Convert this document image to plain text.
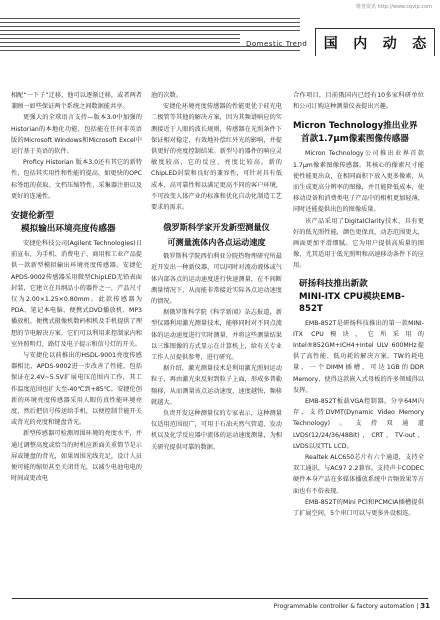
维普资讯 http://www.cqvip.com
Domestic Trend 国 内 动 态

相配“一下子”迁移，他可以逐渐迁移，或者两者兼顾一如些保证两个系统之间数据能共享。

更强大的全球语言支持—版本3.0中加强的Historian的本地化功能，包括能在任何非英语版的Microsoft Windows和Microsoft Excel中运行基于英语的软件。

Proficy Historian 版本3.0还有其它的新特性，包括其实用性和性能的提高，如更快的OPC标签组的获取、文档压缩特性、采集器注册以及更好的连通性。

安捷伦新型
模拟输出环境亮度传感器

安捷伦科技公司(Agilent Technologies)日前宣布，为手机、消费电子、商用和工业产品提供一款新型模拟输出环境亮度传感器。安捷伦APDS-9002传感器采用微型ChipLED无铅表面封装，它建立在具纲品小的器件之一，产品尺寸仅为2.00×1.25×0.80mm。此款传感器为PDA、笔记本电脑、便携式DVD播放机、MP3播放机、便携式摄像机数码相机及手机提供了理想的节电解决方案，它们可以利用来控制家内和室外照明灯，路灯及电子提示和信号灯的开关。

与安捷伦以前推出的HSDL-9001亮度传感器相比，APDS-9002进一步改善了性能，包括保证在2.4V~5.5V扩展电压范围内工作，其工作温度范围也扩大至-40℃到+85℃。安捷伦创新的环境亮度传感器采用人眼仿真性能环境亮度，然后把信号传送给手机，以便控制节能开关或背光的亮度和键盘背光。

新型传感器可检测周围环境的亮度水平，并通过调整高度或恰当的时机应新面关重简节是示屏或键盘的背光，如果周围光线充足，设计人员便可能的缩短甚至关闭背光，以减少电池电电的时间或更改电

池的次数。

安捷伦环境亮度传感器的性能更优于硅光电二极管等其他的解决方案，因为其频谱响应的实测接近于人眼的波长规则，传感器在光照条件下保证相对稳定，有效地补偿红外光的影响，并提供更好的亮度控制结果。新型号的器件的响应灵敏度较高，它的反应，亮度比较高。新的ChipLED封装和良好的兼容性，可针对具有低成本、高可靠性和以满足更高不同的客户环境，不可改变人体产业的标准和优化自动化制造工艺要求的需求。

俄罗斯科学家开发新型测量仪
可测量流体内各点运动速度

俄罗斯科学院西伯利亚分院热物理研究所最近开发出一种新仪器，可以同时对流动液体或气体内部各点的运动速度进行快速测量，在不间断测量情况下，从而能非常接近实际各点运动速度的情况。

据俄罗斯科学院《科学新闻》杂志报道，新型仪器利用激光测量技术，能够同时对不同点流体的运动速度进行实时测量，并将这些测量结果以三维图像的方式显示在计算机上，给有关专业工作人员提供参考，进行研究。

据介绍，激光测量技术是利用激光照射运动粒子，再由激光束反射到粒子上面，形成多普勒频移，从而测量该点运动速度，速度越快，频移就越大。

负责开发这种测量仪的专家表示，这种测量仪适用范围很广，可用于石油天然气管道、发动机以及化学反应器中流体的运动速度测量，为相关研究提供可靠的数据。

合作项目，目前俄国内已经有10多家科研单位和公司订购这种测量仪表提出兴趣。

Micron Technology推出业界
首款1.7μm像素图像传感器

Micron Technology公司推出业界首款1.7μm像素图像传感器。其核心的像素尺寸能使性能更出众，在相同面积下放入更多像素，从而生成更高分辨率的图像，并且能降低成本，使移动设备和消费类电子产品中的相机更加轻薄，同时还能提供出色的图像质量。

该产品采用了DigitalClarity技术，具有更好的低光照性能，颜色更保真，动态范围更大，画面更加平滑细腻。它为用户提供高质量的图像，尤其适用于低光照明和高速移动条件下的应用。

研扬科技推出新款
MINI-ITX CPU模块EMB-852T

EMB-852T是研扬科技推出的第一款MINI-ITX CPU模块，它所采用的Intel®852GM+ICH4+Intel ULV 600MHz提供了高性能、低功耗的解决方案。TW的耗电量、一个DIMM插槽，可达1GB的DDR Memory，使得这款嵌入式母板的许多领域得以发挥。

EMB-852T板载VGA控制器，分享64M内存，支持DVMT(Dynamic Video Memory Technology)。支持双通道LVDS(12/24/36/48Bit)，CRT，TV-out，LVDS以及TTL LCD。

Realtek ALC650芯片有六个通道，支持全双工通讯，与AC97 2.2兼容。支持声卡CODEC硬件本身产品在多媒体播放系统中音频效果等方面也有不俗表现。

EMB-852T的Mini PCI和PCMCIA插槽提供了扩展空间，5个串口可以与更多外设相连。

Programmable controller & factory automation | 31
